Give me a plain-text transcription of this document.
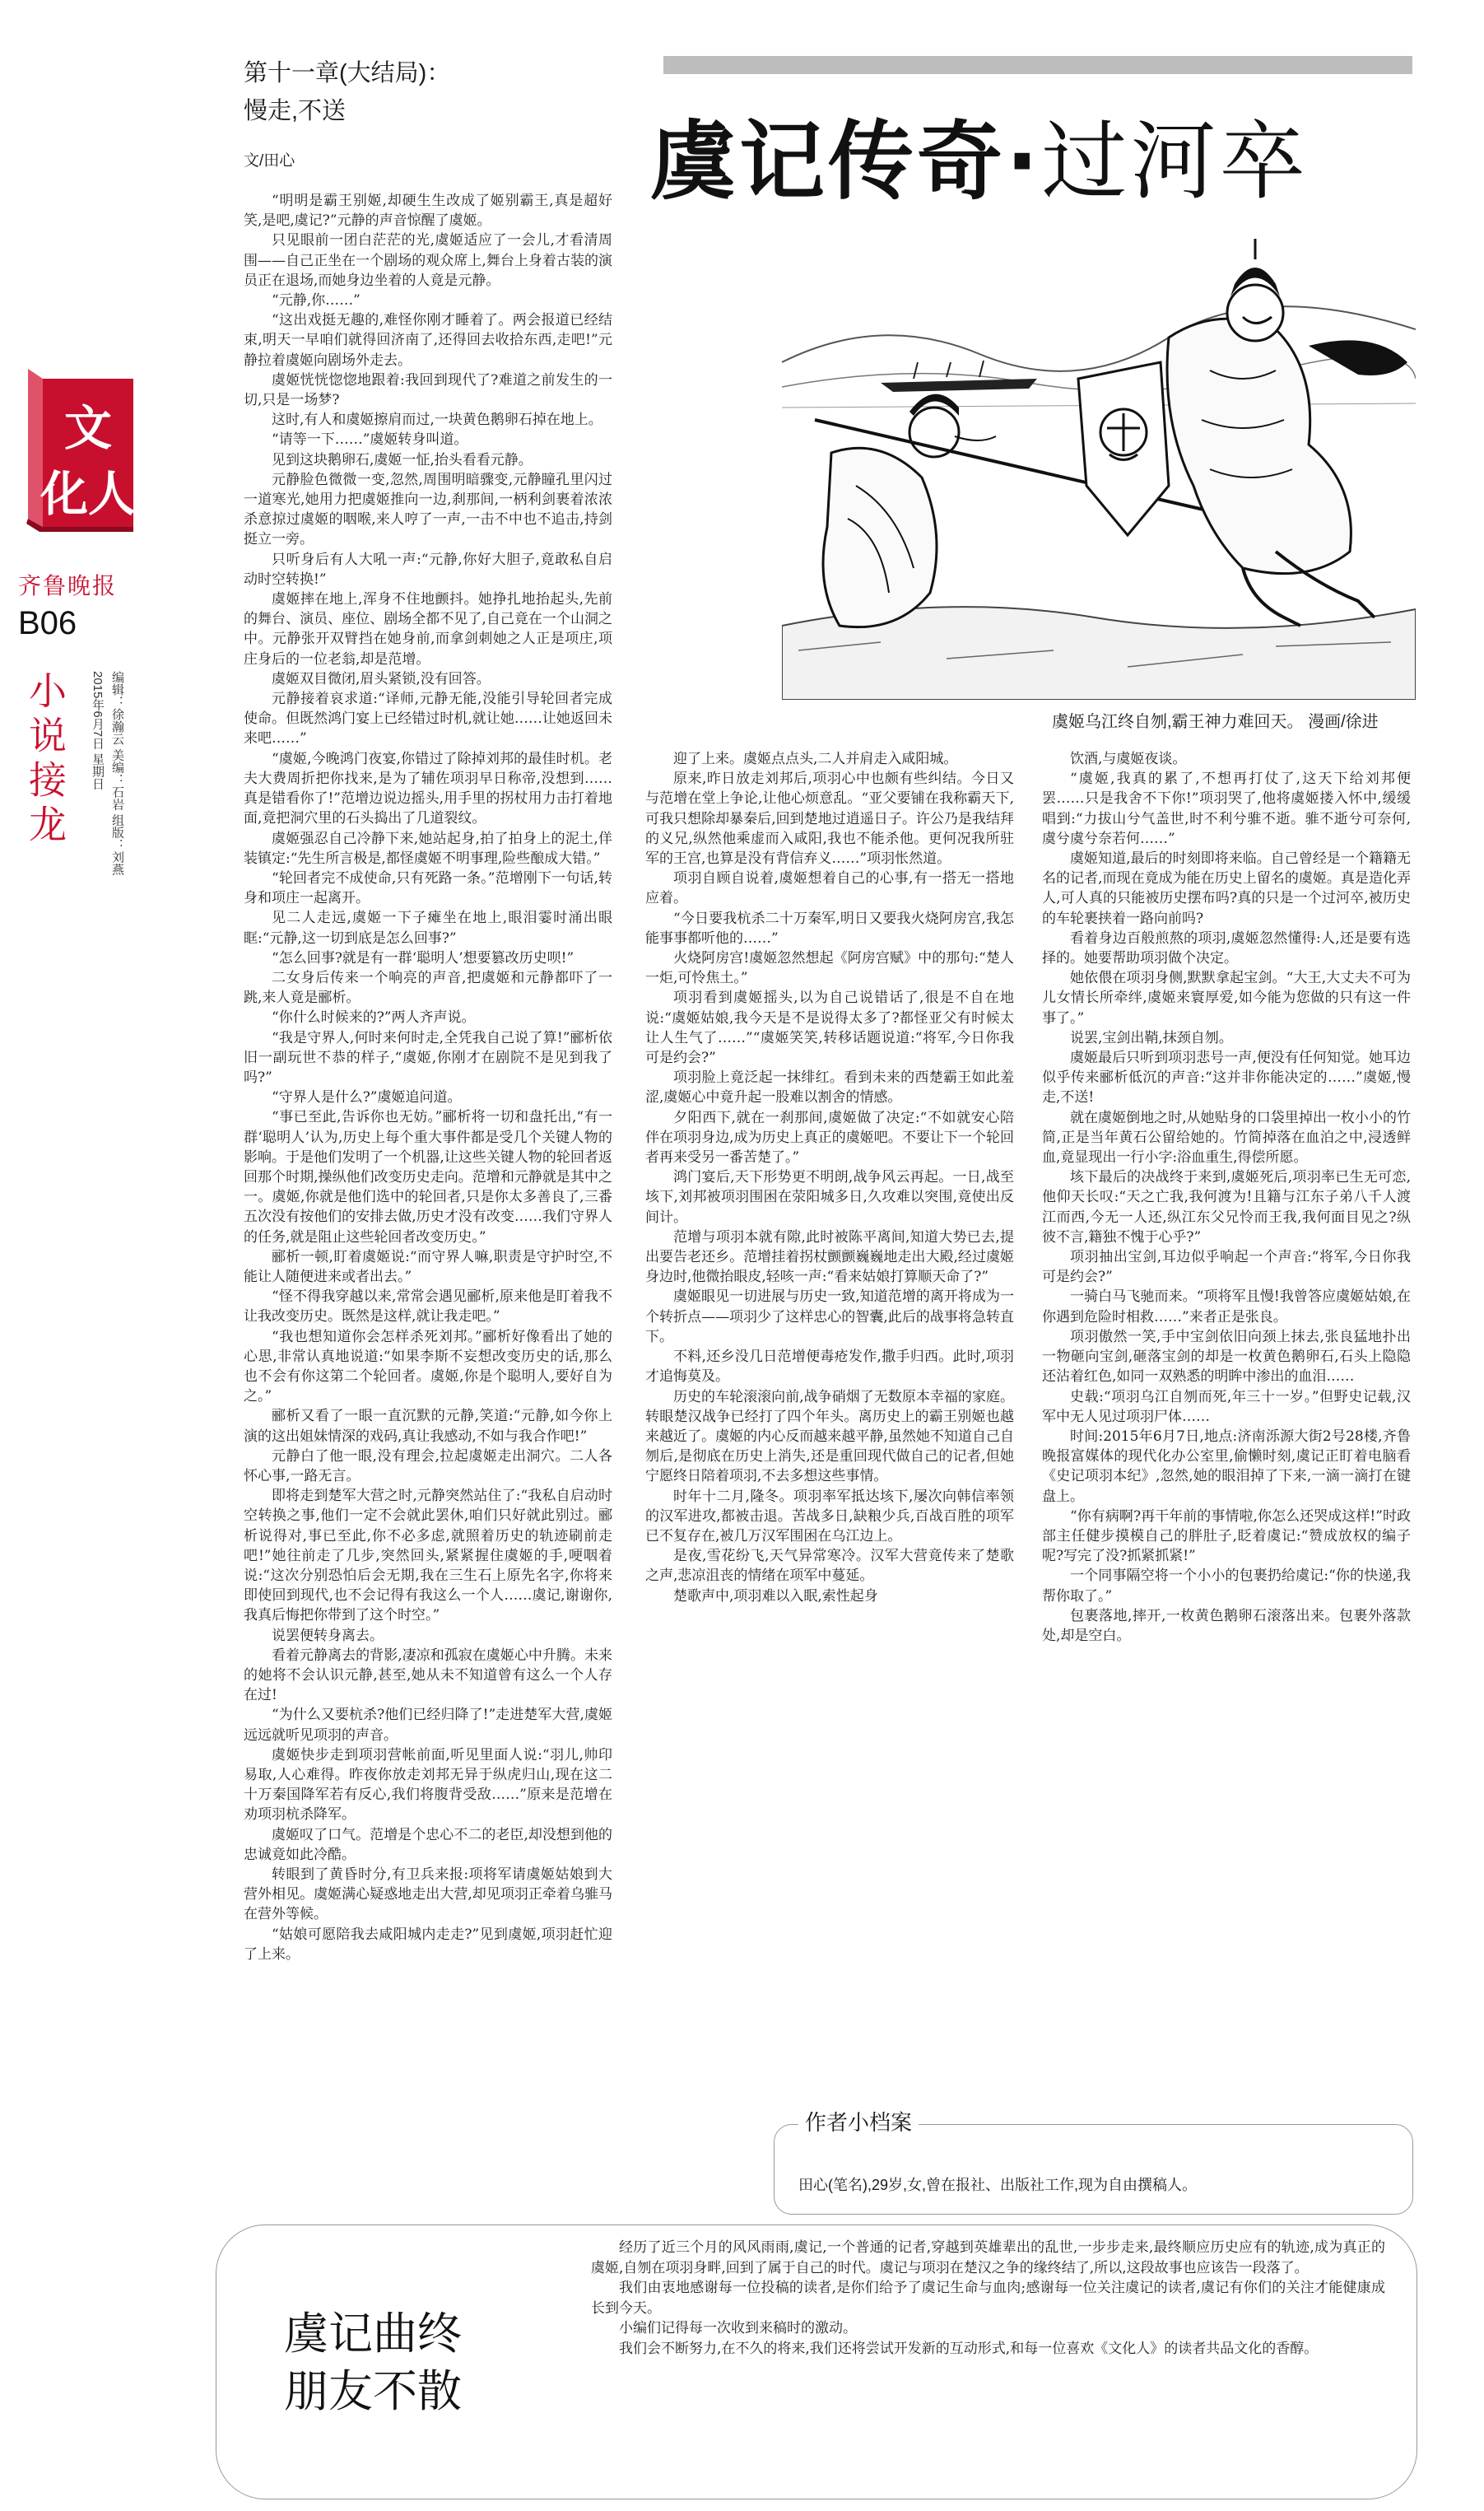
文
化人
齐鲁晚报
B06
小说接龙	2015年6月7日 星期日 编辑：徐瀚云 美编：石岩 组版：刘燕
第十一章(大结局)：
慢走,不送
文/田心	虞记传奇·过河卒
虞姬乌江终自刎,霸王神力难回天。 漫画/徐进

“明明是霸王别姬,却硬生生改成了姬别霸王,真是超好笑,是吧,虞记?”元静的声音惊醒了虞姬。

只见眼前一团白茫茫的光,虞姬适应了一会儿,才看清周围——自己正坐在一个剧场的观众席上,舞台上身着古装的演员正在退场,而她身边坐着的人竟是元静。

“元静,你……”

“这出戏挺无趣的,难怪你刚才睡着了。两会报道已经结束,明天一早咱们就得回济南了,还得回去收拾东西,走吧!”元静拉着虞姬向剧场外走去。

虞姬恍恍惚惚地跟着:我回到现代了?难道之前发生的一切,只是一场梦?

这时,有人和虞姬擦肩而过,一块黄色鹅卵石掉在地上。

“请等一下……”虞姬转身叫道。

见到这块鹅卵石,虞姬一怔,抬头看看元静。

元静脸色微微一变,忽然,周围明暗骤变,元静瞳孔里闪过一道寒光,她用力把虞姬推向一边,刹那间,一柄利剑裹着浓浓杀意掠过虞姬的咽喉,来人哼了一声,一击不中也不追击,持剑挺立一旁。

只听身后有人大吼一声:“元静,你好大胆子,竟敢私自启动时空转换!”

虞姬摔在地上,浑身不住地颤抖。她挣扎地抬起头,先前的舞台、演员、座位、剧场全都不见了,自己竟在一个山洞之中。元静张开双臂挡在她身前,而拿剑刺她之人正是项庄,项庄身后的一位老翁,却是范增。

虞姬双目微闭,眉头紧锁,没有回答。

元静接着哀求道:“译师,元静无能,没能引导轮回者完成使命。但既然鸿门宴上已经错过时机,就让她……让她返回未来吧……”

“虞姬,今晚鸿门夜宴,你错过了除掉刘邦的最佳时机。老夫大费周折把你找来,是为了辅佐项羽早日称帝,没想到……真是错看你了!”范增边说边摇头,用手里的拐杖用力击打着地面,竟把洞穴里的石头捣出了几道裂纹。

虞姬强忍自己冷静下来,她站起身,拍了拍身上的泥土,佯装镇定:“先生所言极是,都怪虞姬不明事理,险些酿成大错。”

“轮回者完不成使命,只有死路一条。”范增刚下一句话,转身和项庄一起离开。

见二人走远,虞姬一下子瘫坐在地上,眼泪霎时涌出眼眶:“元静,这一切到底是怎么回事?”

“怎么回事?就是有一群‘聪明人’想要篡改历史呗!”

二女身后传来一个响亮的声音,把虞姬和元静都吓了一跳,来人竟是郦析。

“你什么时候来的?”两人齐声说。

“我是守界人,何时来何时走,全凭我自己说了算!”郦析依旧一副玩世不恭的样子,“虞姬,你刚才在剧院不是见到我了吗?”

“守界人是什么?”虞姬追问道。

“事已至此,告诉你也无妨。”郦析将一切和盘托出,“有一群‘聪明人’认为,历史上每个重大事件都是受几个关键人物的影响。于是他们发明了一个机器,让这些关键人物的轮回者返回那个时期,操纵他们改变历史走向。范增和元静就是其中之一。虞姬,你就是他们选中的轮回者,只是你太多善良了,三番五次没有按他们的安排去做,历史才没有改变……我们守界人的任务,就是阻止这些轮回者改变历史。”

郦析一顿,盯着虞姬说:“而守界人嘛,职责是守护时空,不能让人随便进来或者出去。”

“怪不得我穿越以来,常常会遇见郦析,原来他是盯着我不让我改变历史。既然是这样,就让我走吧。”

“我也想知道你会怎样杀死刘邦。”郦析好像看出了她的心思,非常认真地说道:“如果李斯不妄想改变历史的话,那么也不会有你这第二个轮回者。虞姬,你是个聪明人,要好自为之。”

郦析又看了一眼一直沉默的元静,笑道:“元静,如今你上演的这出姐妹情深的戏码,真让我感动,不如与我合作吧!”

元静白了他一眼,没有理会,拉起虞姬走出洞穴。二人各怀心事,一路无言。

即将走到楚军大营之时,元静突然站住了:“我私自启动时空转换之事,他们一定不会就此罢休,咱们只好就此别过。郦析说得对,事已至此,你不必多虑,就照着历史的轨迹刷前走吧!”她往前走了几步,突然回头,紧紧握住虞姬的手,哽咽着说:“这次分别恐怕后会无期,我在三生石上原先名字,你将来即使回到现代,也不会记得有我这么一个人……虞记,谢谢你,我真后悔把你带到了这个时空。”

说罢便转身离去。

看着元静离去的背影,凄凉和孤寂在虞姬心中升腾。未来的她将不会认识元静,甚至,她从未不知道曾有这么一个人存在过!

“为什么又要杭杀?他们已经归降了!”走进楚军大营,虞姬远远就听见项羽的声音。

虞姬快步走到项羽营帐前面,听见里面人说:“羽儿,帅印易取,人心难得。昨夜你放走刘邦无异于纵虎归山,现在这二十万秦国降军若有反心,我们将腹背受敌……”原来是范增在劝项羽杭杀降军。

虞姬叹了口气。范增是个忠心不二的老臣,却没想到他的忠诚竟如此冷酷。

转眼到了黄昏时分,有卫兵来报:项将军请虞姬姑娘到大营外相见。虞姬满心疑惑地走出大营,却见项羽正牵着乌骓马在营外等候。

“姑娘可愿陪我去咸阳城内走走?”见到虞姬,项羽赶忙迎了上来。

迎了上来。虞姬点点头,二人并肩走入咸阳城。

原来,昨日放走刘邦后,项羽心中也颇有些纠结。今日又与范增在堂上争论,让他心烦意乱。“亚父要铺在我称霸天下,可我只想除却暴秦后,回到楚地过逍遥日子。许公乃是我结拜的义兄,纵然他乘虚而入咸阳,我也不能杀他。更何况我所驻军的王宫,也算是没有背信弃义……”项羽怅然道。

项羽自顾自说着,虞姬想着自己的心事,有一搭无一搭地应着。

“今日要我杭杀二十万秦军,明日又要我火烧阿房宫,我怎能事事都听他的……”

火烧阿房宫!虞姬忽然想起《阿房宫赋》中的那句:“楚人一炬,可怜焦土。”

项羽看到虞姬摇头,以为自己说错话了,很是不自在地说:“虞姬姑娘,我今天是不是说得太多了?都怪亚父有时候太让人生气了……”“虞姬笑笑,转移话题说道:“将军,今日你我可是约会?”

项羽脸上竟泛起一抹绯红。看到未来的西楚霸王如此羞涩,虞姬心中竟升起一股难以割舍的情感。

夕阳西下,就在一刹那间,虞姬做了决定:“不如就安心陪伴在项羽身边,成为历史上真正的虞姬吧。不要让下一个轮回者再来受另一番苦楚了。”

鸿门宴后,天下形势更不明朗,战争风云再起。一日,战至垓下,刘邦被项羽围困在荥阳城多日,久攻难以突围,竟使出反间计。

范增与项羽本就有隙,此时被陈平离间,知道大势已去,提出要告老还乡。范增挂着拐杖颤颤巍巍地走出大殿,经过虞姬身边时,他微抬眼皮,轻咳一声:“看来姑娘打算顺天命了?”

虞姬眼见一切进展与历史一致,知道范增的离开将成为一个转折点——项羽少了这样忠心的智囊,此后的战事将急转直下。

不料,还乡没几日范增便毒疮发作,撒手归西。此时,项羽才追悔莫及。

历史的车轮滚滚向前,战争硝烟了无数原本幸福的家庭。转眼楚汉战争已经打了四个年头。离历史上的霸王别姬也越来越近了。虞姬的内心反而越来越平静,虽然她不知道自己自刎后,是彻底在历史上消失,还是重回现代做自己的记者,但她宁愿终日陪着项羽,不去多想这些事情。

时年十二月,隆冬。项羽率军抵达垓下,屡次向韩信率领的汉军进攻,都被击退。苦战多日,缺粮少兵,百战百胜的项军已不复存在,被几万汉军围困在乌江边上。

是夜,雪花纷飞,天气异常寒冷。汉军大营竟传来了楚歌之声,悲凉沮丧的情绪在项军中蔓延。

楚歌声中,项羽难以入眠,索性起身

饮酒,与虞姬夜谈。

“虞姬,我真的累了,不想再打仗了,这天下给刘邦便罢……只是我舍不下你!”项羽哭了,他将虞姬搂入怀中,缓缓唱到:“力拔山兮气盖世,时不利兮骓不逝。骓不逝兮可奈何,虞兮虞兮奈若何……”

虞姬知道,最后的时刻即将来临。自己曾经是一个籍籍无名的记者,而现在竟成为能在历史上留名的虞姬。真是造化弄人,可人真的只能被历史摆布吗?真的只是一个过河卒,被历史的车轮裹挟着一路向前吗?

看着身边百般煎熬的项羽,虞姬忽然懂得:人,还是要有选择的。她要帮助项羽做个决定。

她依偎在项羽身侧,默默拿起宝剑。“大王,大丈夫不可为儿女情长所牵绊,虞姬来寰厚爱,如今能为您做的只有这一件事了。”

说罢,宝剑出鞘,抹颈自刎。

虞姬最后只听到项羽悲号一声,便没有任何知觉。她耳边似乎传来郦析低沉的声音:“这并非你能决定的……”虞姬,慢走,不送!

就在虞姬倒地之时,从她贴身的口袋里掉出一枚小小的竹简,正是当年黄石公留给她的。竹简掉落在血泊之中,浸透鲜血,竟显现出一行小字:浴血重生,得偿所愿。

垓下最后的决战终于来到,虞姬死后,项羽率已生无可恋,他仰天长叹:“天之亡我,我何渡为!且籍与江东子弟八千人渡江而西,今无一人还,纵江东父兄怜而王我,我何面目见之?纵彼不言,籍独不愧于心乎?”

项羽抽出宝剑,耳边似乎响起一个声音:“将军,今日你我可是约会?”

一骑白马飞驰而来。“项将军且慢!我曾答应虞姬姑娘,在你遇到危险时相救……”来者正是张良。

项羽傲然一笑,手中宝剑依旧向颈上抹去,张良猛地扑出一物砸向宝剑,砸落宝剑的却是一枚黄色鹅卵石,石头上隐隐还沾着红色,如同一双熟悉的明眸中渗出的血泪……

史载:“项羽乌江自刎而死,年三十一岁。”但野史记载,汉军中无人见过项羽尸体……

时间:2015年6月7日,地点:济南泺源大街2号28楼,齐鲁晚报富媒体的现代化办公室里,偷懒时刻,虞记正盯着电脑看《史记项羽本纪》,忽然,她的眼泪掉了下来,一滴一滴打在键盘上。

“你有病啊?再干年前的事情啦,你怎么还哭成这样!”时政部主任健步摸模自己的胖肚子,眨着虞记:“赞成放权的编子呢?写完了没?抓紧抓紧!”

一个同事隔空将一个小小的包裹扔给虞记:“你的快递,我帮你取了。”

包裹落地,摔开,一枚黄色鹅卵石滚落出来。包裹外落款处,却是空白。

作者小档案
田心(笔名),29岁,女,曾在报社、出版社工作,现为自由撰稿人。
虞记曲终
朋友不散

经历了近三个月的风风雨雨,虞记,一个普通的记者,穿越到英雄辈出的乱世,一步步走来,最终顺应历史应有的轨迹,成为真正的虞姬,自刎在项羽身畔,回到了属于自己的时代。虞记与项羽在楚汉之争的缘终结了,所以,这段故事也应该告一段落了。

我们由衷地感谢每一位投稿的读者,是你们给予了虞记生命与血肉;感谢每一位关注虞记的读者,虞记有你们的关注才能健康成长到今天。

小编们记得每一次收到来稿时的激动。

我们会不断努力,在不久的将来,我们还将尝试开发新的互动形式,和每一位喜欢《文化人》的读者共品文化的香醇。
